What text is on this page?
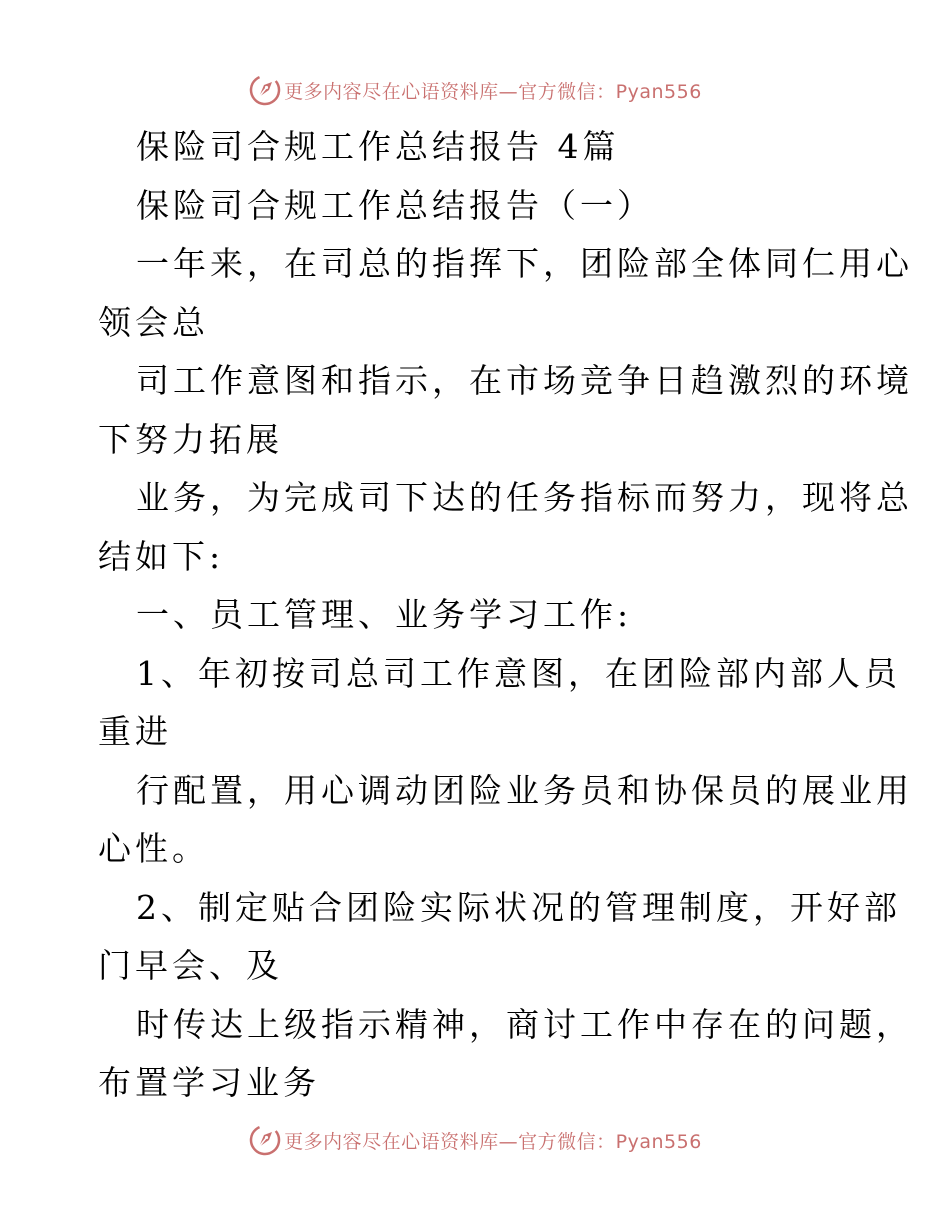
更多内容尽在心语资料库—官方微信：Pyan556
保险司合规工作总结报告 4篇
保险司合规工作总结报告（一）
一年来，在司总的指挥下，团险部全体同仁用心
领会总
司工作意图和指示，在市场竞争日趋激烈的环境
下努力拓展
业务，为完成司下达的任务指标而努力，现将总
结如下:
一、员工管理、业务学习工作:
1、年初按司总司工作意图，在团险部内部人员
重进
行配置，用心调动团险业务员和协保员的展业用
心性。
2、制定贴合团险实际状况的管理制度，开好部
门早会、及
时传达上级指示精神，商讨工作中存在的问题，
布置学习业务
更多内容尽在心语资料库—官方微信：Pyan556
